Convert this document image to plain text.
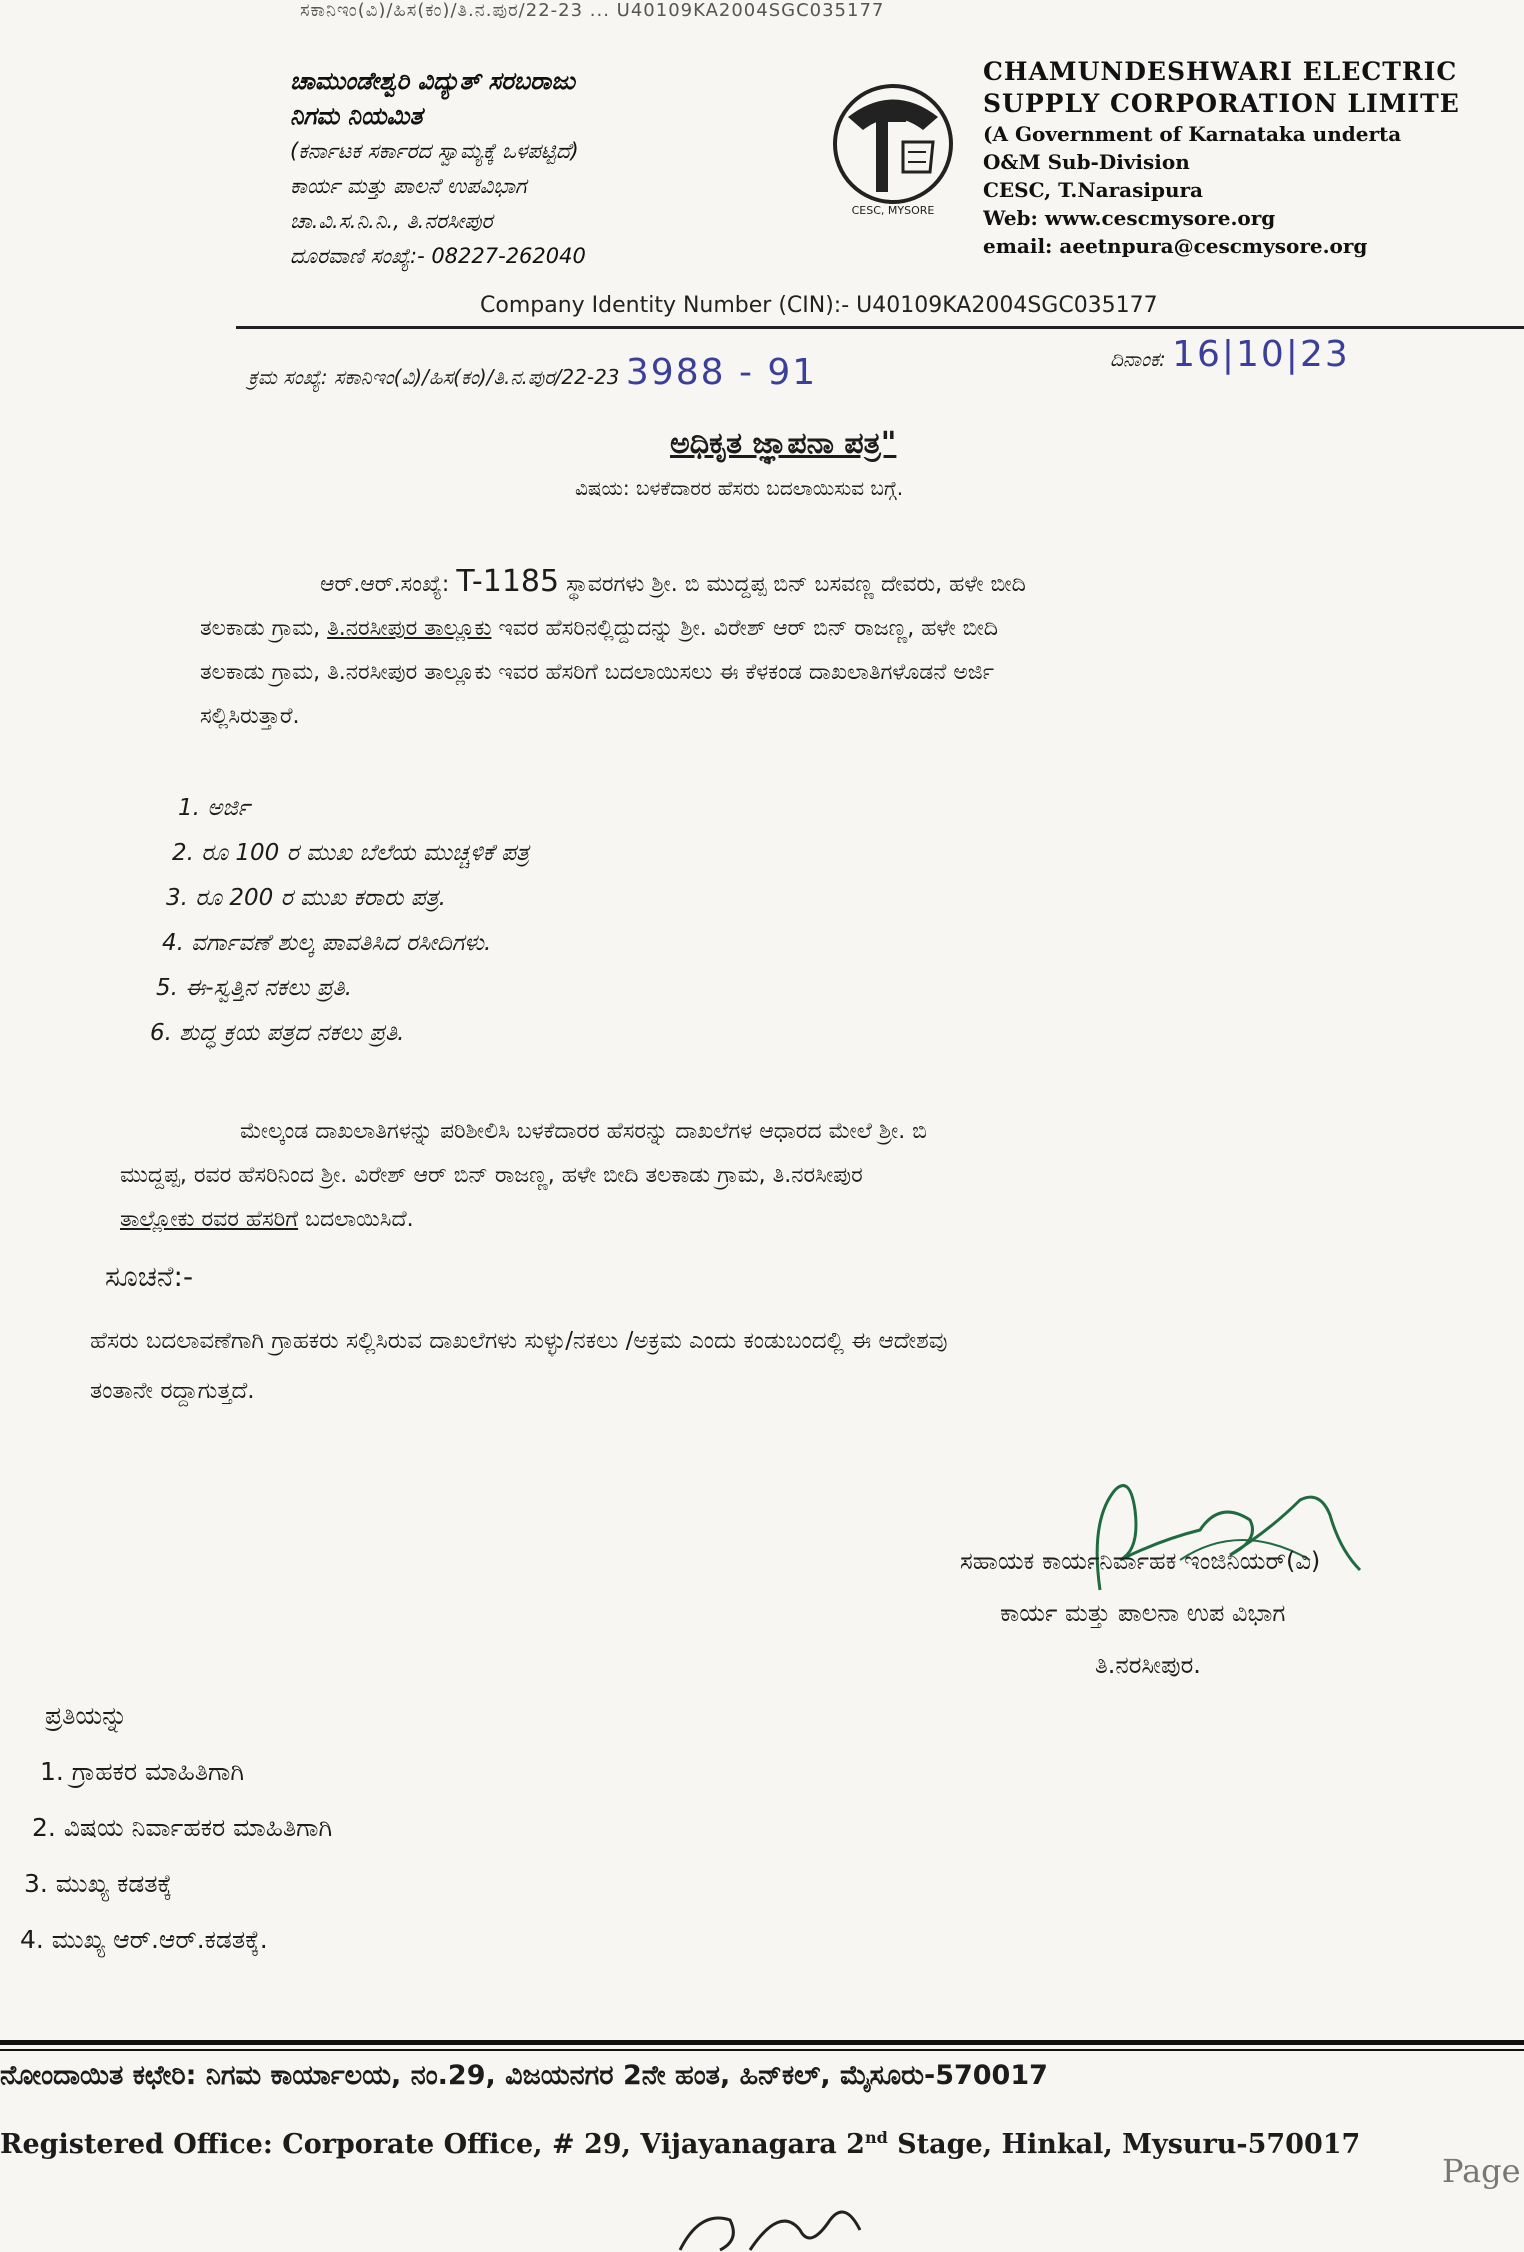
ಸಕಾನಿಇಂ(ವಿ)/ಹಿಸ(ಕಂ)/ತಿ.ನ.ಪುರ/22-23 ... U40109KA2004SGC035177
ಚಾಮುಂಡೇಶ್ವರಿ ವಿದ್ಯುತ್ ಸರಬರಾಜು
ನಿಗಮ ನಿಯಮಿತ
(ಕರ್ನಾಟಕ ಸರ್ಕಾರದ ಸ್ವಾಮ್ಯಕ್ಕೆ ಒಳಪಟ್ಟಿದೆ)
ಕಾರ್ಯ ಮತ್ತು ಪಾಲನೆ ಉಪವಿಭಾಗ
ಚಾ.ವಿ.ಸ.ನಿ.ನಿ., ತಿ.ನರಸೀಪುರ
ದೂರವಾಣಿ ಸಂಖ್ಯೆ:- 08227-262040
CESC, MYSORE
CHAMUNDESHWARI ELECTRIC
SUPPLY CORPORATION LIMITE
(A Government of Karnataka underta
O&M Sub-Division
CESC, T.Narasipura
Web: www.cescmysore.org
email: aeetnpura@cescmysore.org
Company Identity Number (CIN):- U40109KA2004SGC035177
ಕ್ರಮ ಸಂಖ್ಯೆ: ಸಕಾನಿಇಂ(ವಿ)/ಹಿಸ(ಕಂ)/ತಿ.ನ.ಪುರ/22-23 3988 - 91	ದಿನಾಂಕ: 16|10|23
ಅಧಿಕೃತ ಜ್ಞಾಪನಾ ಪತ್ರ"
ವಿಷಯ: ಬಳಕೆದಾರರ ಹೆಸರು ಬದಲಾಯಿಸುವ ಬಗ್ಗೆ.
ಆರ್.ಆರ್.ಸಂಖ್ಯೆ: T-1185 ಸ್ಥಾವರಗಳು ಶ್ರೀ. ಬಿ ಮುದ್ದಪ್ಪ ಬಿನ್ ಬಸವಣ್ಣ ದೇವರು, ಹಳೇ ಬೀದಿ
ತಲಕಾಡು ಗ್ರಾಮ, ತಿ.ನರಸೀಪುರ ತಾಲ್ಲೂಕು ಇವರ ಹೆಸರಿನಲ್ಲಿದ್ದುದನ್ನು ಶ್ರೀ. ವಿರೇಶ್ ಆರ್ ಬಿನ್ ರಾಜಣ್ಣ, ಹಳೇ ಬೀದಿ
ತಲಕಾಡು ಗ್ರಾಮ, ತಿ.ನರಸೀಪುರ ತಾಲ್ಲೂಕು ಇವರ ಹೆಸರಿಗೆ ಬದಲಾಯಿಸಲು ಈ ಕೆಳಕಂಡ ದಾಖಲಾತಿಗಳೊಡನೆ ಅರ್ಜಿ
ಸಲ್ಲಿಸಿರುತ್ತಾರೆ.
1. ಅರ್ಜಿ
2. ರೂ 100 ರ ಮುಖ ಬೆಲೆಯ ಮುಚ್ಚಳಿಕೆ ಪತ್ರ
3. ರೂ 200 ರ ಮುಖ ಕರಾರು ಪತ್ರ.
4. ವರ್ಗಾವಣೆ ಶುಲ್ಕ ಪಾವತಿಸಿದ ರಸೀದಿಗಳು.
5. ಈ-ಸ್ವತ್ತಿನ ನಕಲು ಪ್ರತಿ.
6. ಶುದ್ಧ ಕ್ರಯ ಪತ್ರದ ನಕಲು ಪ್ರತಿ.
ಮೇಲ್ಕಂಡ ದಾಖಲಾತಿಗಳನ್ನು ಪರಿಶೀಲಿಸಿ ಬಳಕೆದಾರರ ಹೆಸರನ್ನು ದಾಖಲೆಗಳ ಆಧಾರದ ಮೇಲೆ ಶ್ರೀ. ಬಿ
ಮುದ್ದಪ್ಪ, ರವರ ಹೆಸರಿನಿಂದ ಶ್ರೀ. ವಿರೇಶ್ ಆರ್ ಬಿನ್ ರಾಜಣ್ಣ, ಹಳೇ ಬೀದಿ ತಲಕಾಡು ಗ್ರಾಮ, ತಿ.ನರಸೀಪುರ
ತಾಲ್ಲೋಕು ರವರ ಹೆಸರಿಗೆ ಬದಲಾಯಿಸಿದೆ.
ಸೂಚನೆ:-
ಹೆಸರು ಬದಲಾವಣೆಗಾಗಿ ಗ್ರಾಹಕರು ಸಲ್ಲಿಸಿರುವ ದಾಖಲೆಗಳು ಸುಳ್ಳು/ನಕಲು /ಅಕ್ರಮ ಎಂದು ಕಂಡುಬಂದಲ್ಲಿ ಈ ಆದೇಶವು
ತಂತಾನೇ ರದ್ದಾಗುತ್ತದೆ.
ಸಹಾಯಕ ಕಾರ್ಯನಿರ್ವಾಹಕ ಇಂಜಿನಿಯರ್(ವಿ)
ಕಾರ್ಯ ಮತ್ತು ಪಾಲನಾ ಉಪ ವಿಭಾಗ
ತಿ.ನರಸೀಪುರ.
ಪ್ರತಿಯನ್ನು
1. ಗ್ರಾಹಕರ ಮಾಹಿತಿಗಾಗಿ
2. ವಿಷಯ ನಿರ್ವಾಹಕರ ಮಾಹಿತಿಗಾಗಿ
3. ಮುಖ್ಯ ಕಡತಕ್ಕೆ
4. ಮುಖ್ಯ ಆರ್.ಆರ್.ಕಡತಕ್ಕೆ.
ನೋಂದಾಯಿತ ಕಛೇರಿ: ನಿಗಮ ಕಾರ್ಯಾಲಯ, ನಂ.29, ವಿಜಯನಗರ 2ನೇ ಹಂತ, ಹಿನ್‌ಕಲ್, ಮೈಸೂರು-570017
Registered Office: Corporate Office, # 29, Vijayanagara 2nd Stage, Hinkal, Mysuru-570017
Page
